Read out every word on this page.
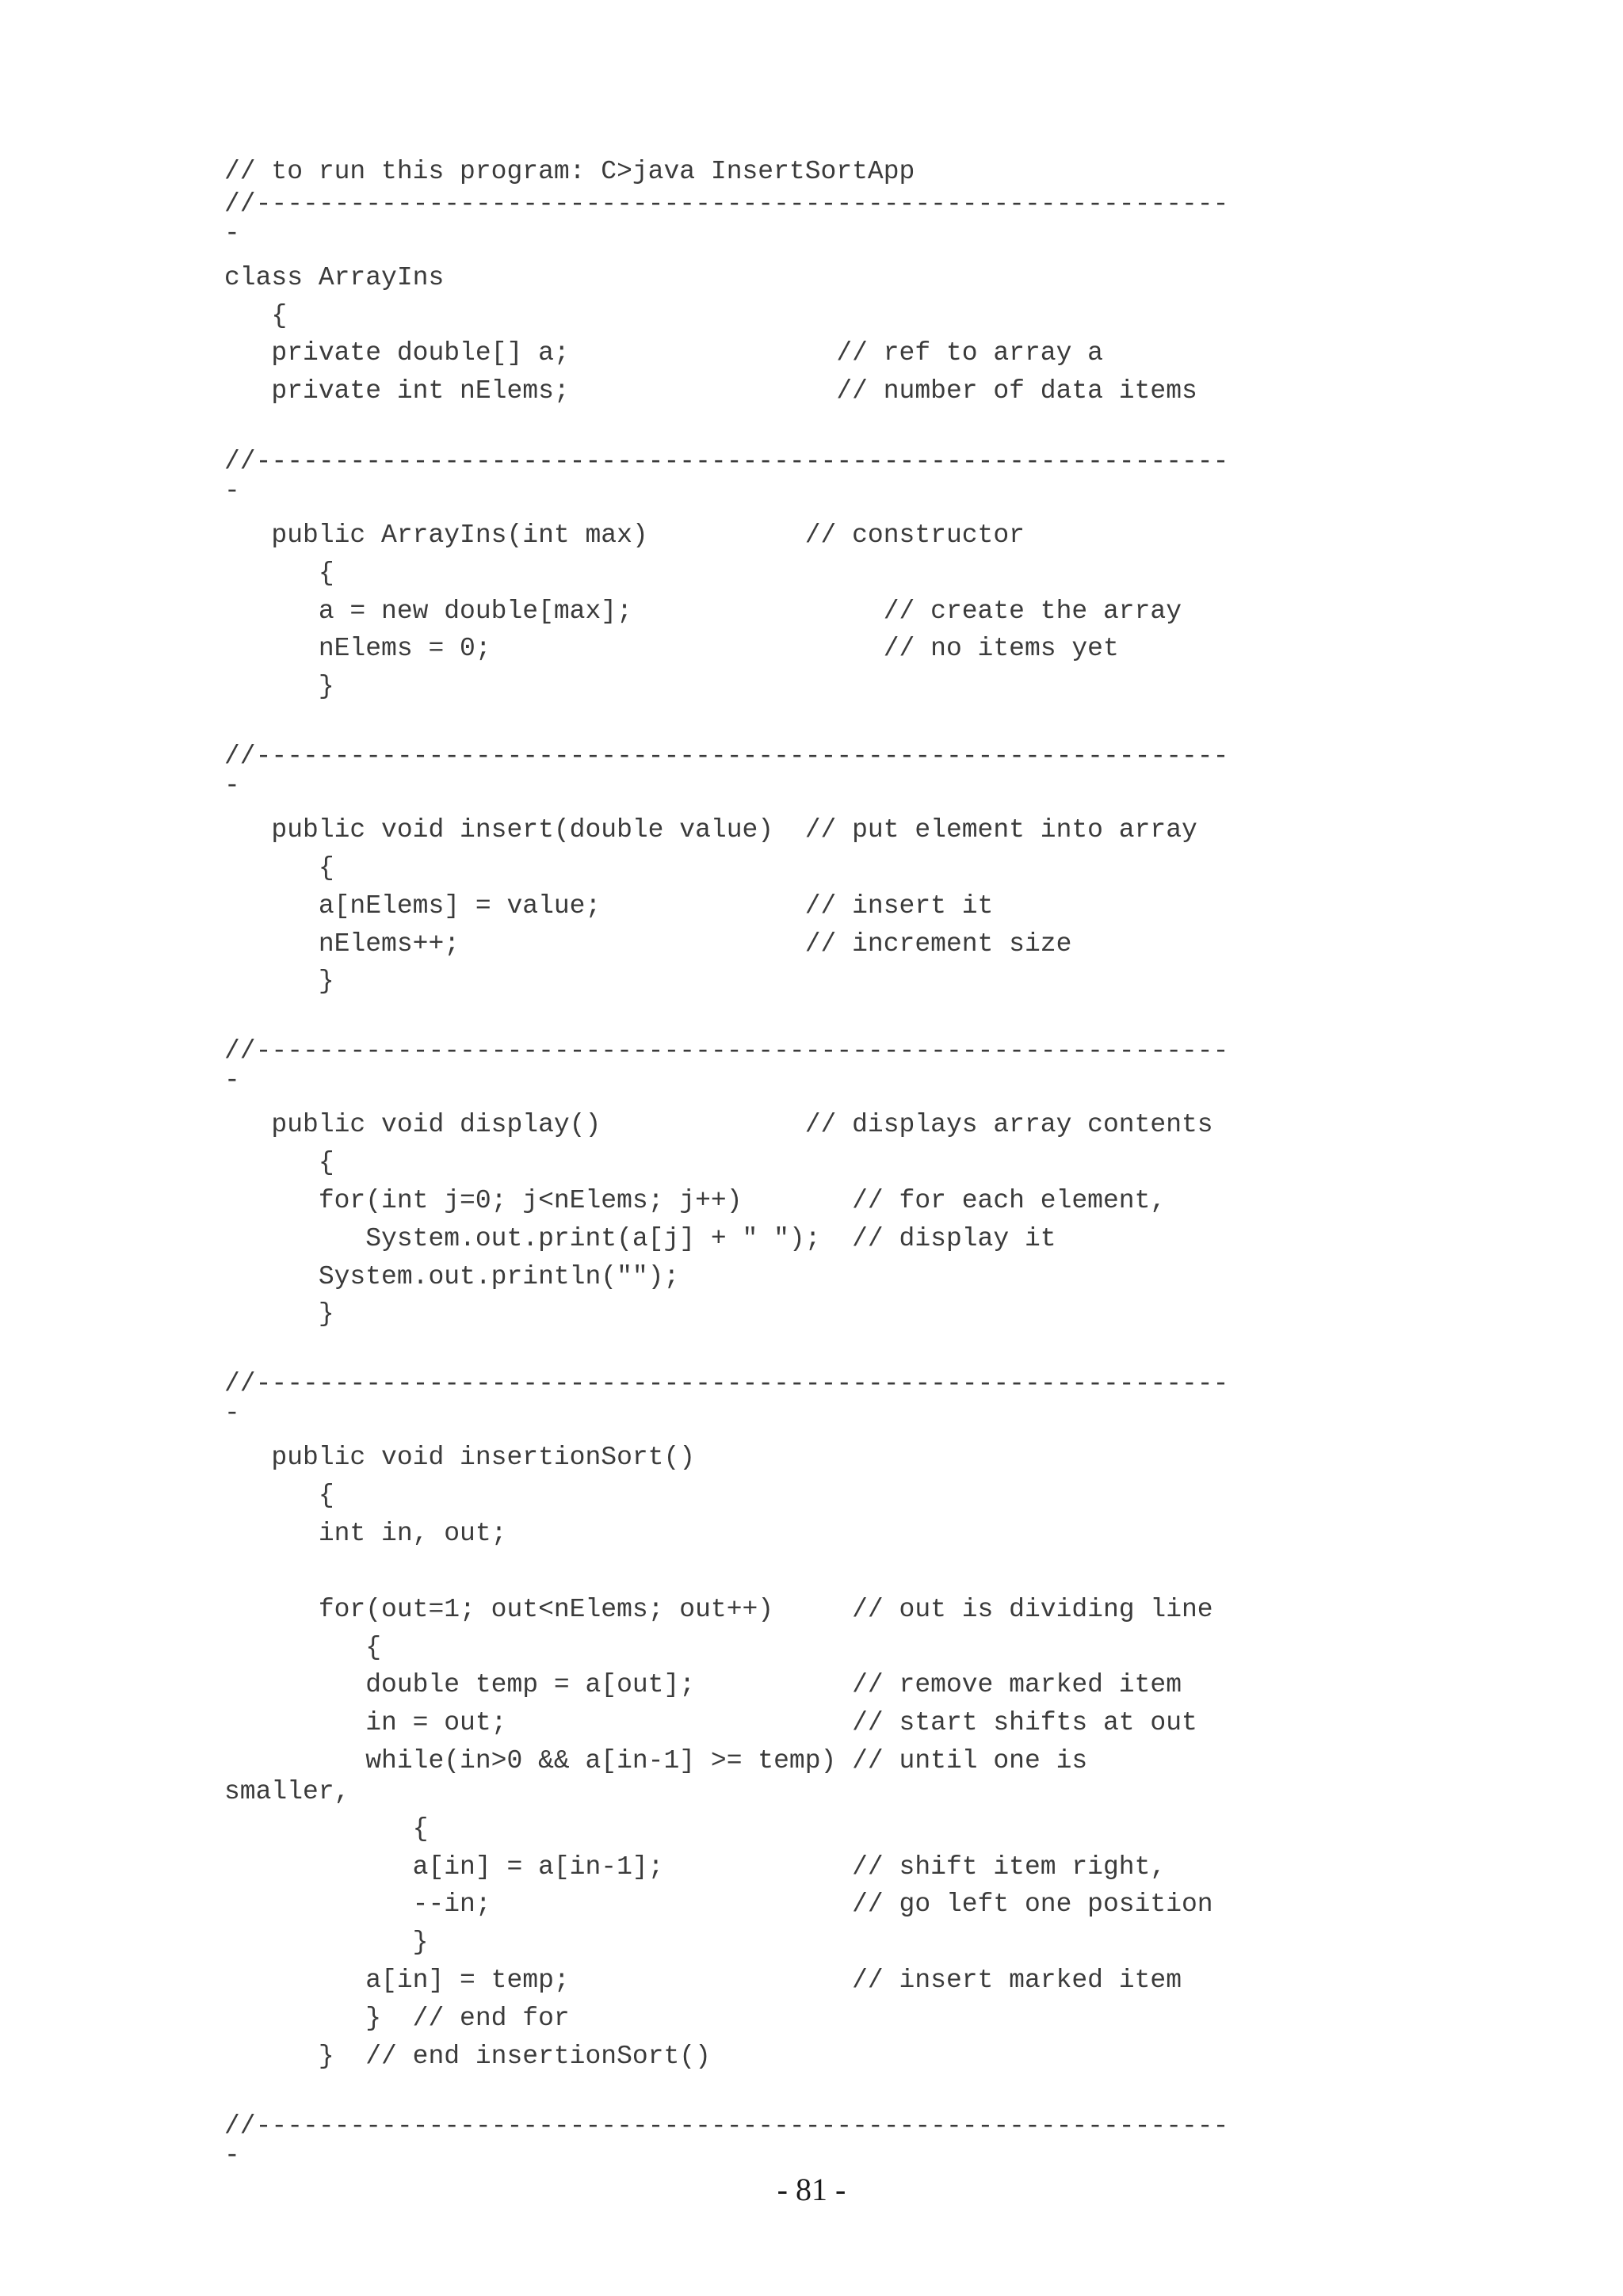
// to run this program: C>java InsertSortApp
//--------------------------------------------------------------
-
class ArrayIns
{
private double[] a;                 // ref to array a
private int nElems;                 // number of data items
//--------------------------------------------------------------
-
public ArrayIns(int max)          // constructor
{
a = new double[max];                // create the array
nElems = 0;                         // no items yet
}
//--------------------------------------------------------------
-
public void insert(double value)  // put element into array
{
a[nElems] = value;             // insert it
nElems++;                      // increment size
}
//--------------------------------------------------------------
-
public void display()             // displays array contents
{
for(int j=0; j<nElems; j++)       // for each element,
System.out.print(a[j] + " ");  // display it
System.out.println("");
}
//--------------------------------------------------------------
-
public void insertionSort()
{
int in, out;
for(out=1; out<nElems; out++)     // out is dividing line
{
double temp = a[out];          // remove marked item
in = out;                      // start shifts at out
while(in>0 && a[in-1] >= temp) // until one is
smaller,
{
a[in] = a[in-1];            // shift item right,
--in;                       // go left one position
}
a[in] = temp;                  // insert marked item
}  // end for
}  // end insertionSort()
//--------------------------------------------------------------
-
- 81 -
